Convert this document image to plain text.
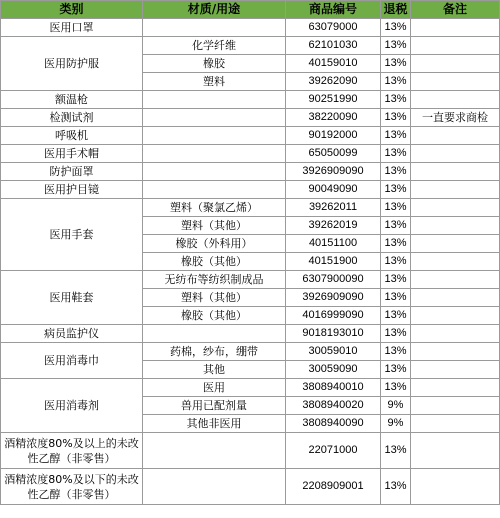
类别	材质/用途	商品编号	退税	备注
医用口罩		63079000	13%	
医用防护服	化学纤维	62101030	13%	
	橡胶	40159010	13%	
	塑料	39262090	13%	
额温枪		90251990	13%	
检测试剂		38220090	13%	一直要求商检
呼吸机		90192000	13%	
医用手术帽		65050099	13%	
防护面罩		3926909090	13%	
医用护目镜		90049090	13%	
医用手套	塑料（聚氯乙烯）	39262011	13%	
	塑料（其他）	39262019	13%	
	橡胶（外科用）	40151100	13%	
	橡胶（其他）	40151900	13%	
医用鞋套	无纺布等纺织制成品	6307900090	13%	
	塑料（其他）	3926909090	13%	
	橡胶（其他）	4016999090	13%	
病员监护仪		9018193010	13%	
医用消毒巾	药棉，纱布，绷带	30059010	13%	
	其他	30059090	13%	
医用消毒剂	医用	3808940010	13%	
	兽用已配剂量	3808940020	9%	
	其他非医用	3808940090	9%	
酒精浓度80%及以上的未改性乙醇（非零售）		22071000	13%	
酒精浓度80%及以下的未改性乙醇（非零售）		2208909001	13%	
